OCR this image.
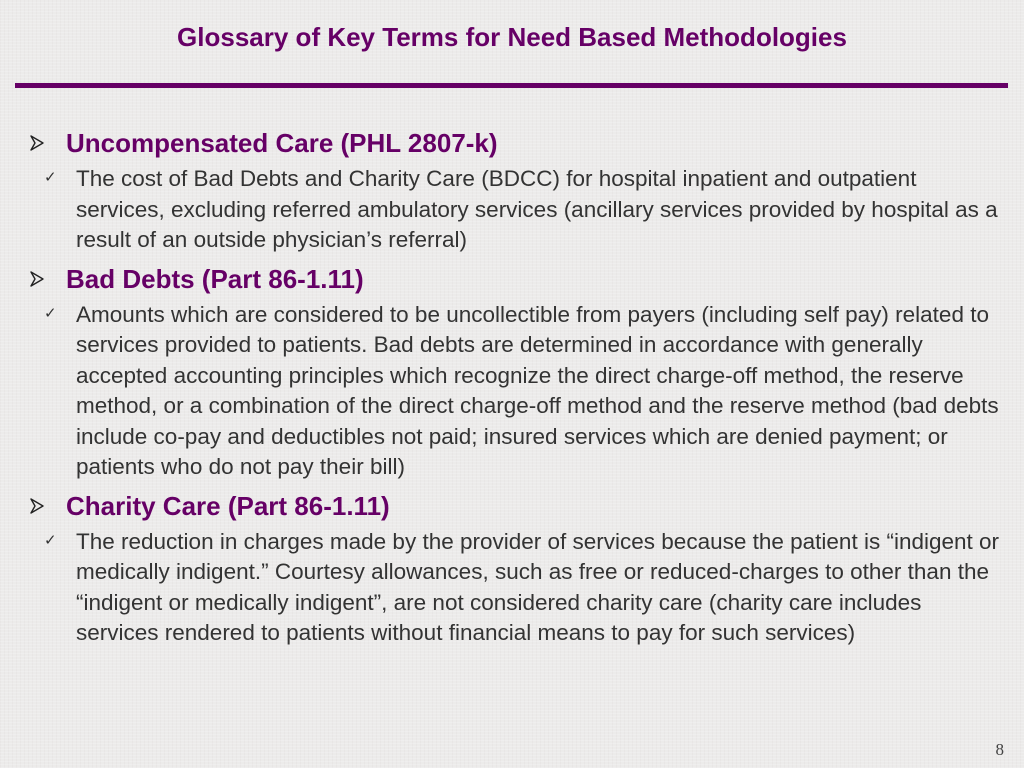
Glossary of Key Terms for Need Based Methodologies

Uncompensated Care (PHL 2807-k)

✓ The cost of Bad Debts and Charity Care (BDCC) for hospital inpatient and outpatient services, excluding referred ambulatory services (ancillary services provided by hospital as a result of an outside physician’s referral)

Bad Debts (Part 86-1.11)

✓ Amounts which are considered to be uncollectible from payers (including self pay) related to services provided to patients. Bad debts are determined in accordance with generally accepted accounting principles which recognize the direct charge-off method, the reserve method, or a combination of the direct charge-off method and the reserve method (bad debts include co-pay and deductibles not paid; insured services which are denied payment; or patients who do not pay their bill)

Charity Care (Part 86-1.11)

✓ The reduction in charges made by the provider of services because the patient is “indigent or medically indigent.” Courtesy allowances, such as free or reduced-charges to other than the “indigent or medically indigent”, are not considered charity care (charity care includes services rendered to patients without financial means to pay for such services)

8
